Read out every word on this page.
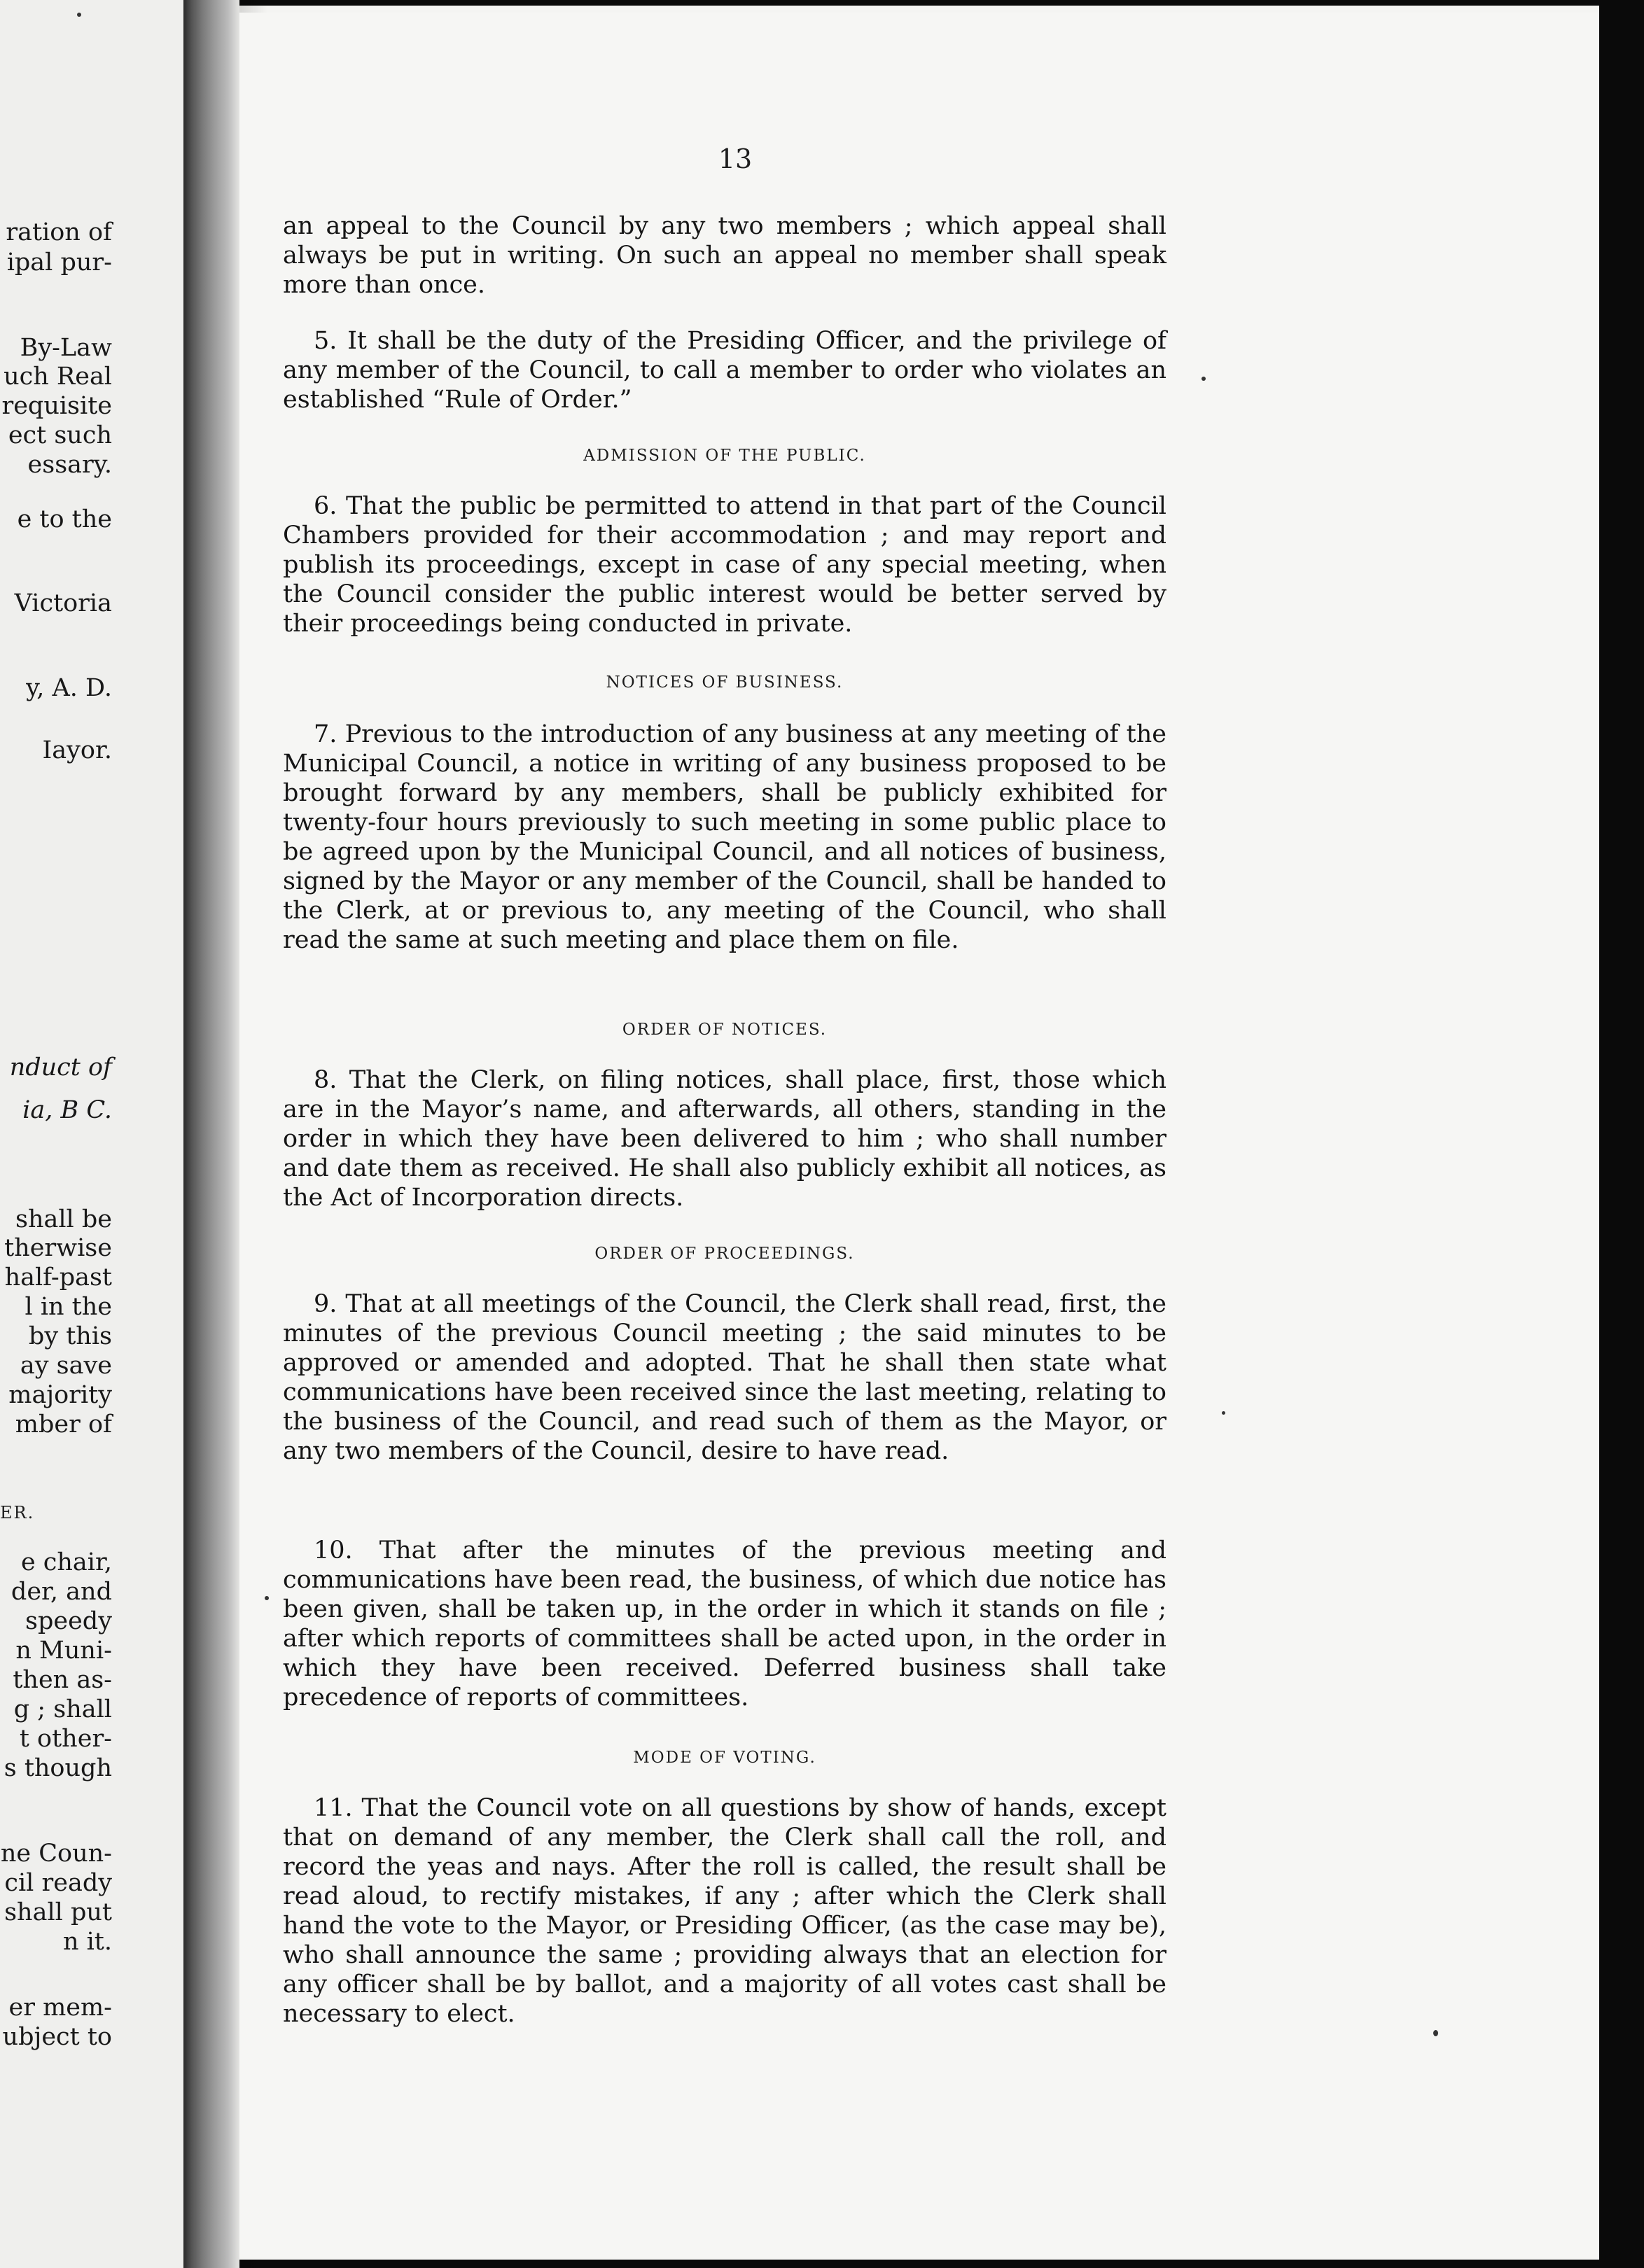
ration of
ipal pur-
By-Law
uch Real
requisite
ect such
essary.
e to the
Victoria
y, A. D.
Iayor.
nduct of
ia, B C.
shall be
therwise
half-past
l in the
by this
ay save
majority
mber of
ER.
e chair,
der, and
speedy
n Muni-
then as-
g ; shall
t other-
s though
ne Coun-
cil ready
shall put
n it.
er mem-
ubject to
13

an appeal to the Council by any two members ; which appeal shall always be put in writing. On such an appeal no member shall speak more than once.

5. It shall be the duty of the Presiding Officer, and the privilege of any member of the Council, to call a member to order who violates an established “Rule of Order.”

ADMISSION OF THE PUBLIC.

6. That the public be permitted to attend in that part of the Council Chambers provided for their accommodation ; and may report and publish its proceedings, except in case of any special meeting, when the Council consider the public interest would be better served by their proceedings being conducted in private.

NOTICES OF BUSINESS.

7. Previous to the introduction of any business at any meeting of the Municipal Council, a notice in writing of any business proposed to be brought forward by any members, shall be publicly exhibited for twenty-four hours previously to such meeting in some public place to be agreed upon by the Municipal Council, and all notices of business, signed by the Mayor or any member of the Council, shall be handed to the Clerk, at or previous to, any meeting of the Council, who shall read the same at such meeting and place them on file.

ORDER OF NOTICES.

8. That the Clerk, on filing notices, shall place, first, those which are in the Mayor’s name, and afterwards, all others, standing in the order in which they have been delivered to him ; who shall number and date them as received. He shall also publicly exhibit all notices, as the Act of Incorporation directs.

ORDER OF PROCEEDINGS.

9. That at all meetings of the Council, the Clerk shall read, first, the minutes of the previous Council meeting ; the said minutes to be approved or amended and adopted. That he shall then state what communications have been received since the last meeting, relating to the business of the Council, and read such of them as the Mayor, or any two members of the Council, desire to have read.

10. That after the minutes of the previous meeting and communications have been read, the business, of which due notice has been given, shall be taken up, in the order in which it stands on file ; after which reports of committees shall be acted upon, in the order in which they have been received. Deferred business shall take precedence of reports of committees.

MODE OF VOTING.

11. That the Council vote on all questions by show of hands, except that on demand of any member, the Clerk shall call the roll, and record the yeas and nays. After the roll is called, the result shall be read aloud, to rectify mistakes, if any ; after which the Clerk shall hand the vote to the Mayor, or Presiding Officer, (as the case may be), who shall announce the same ; providing always that an election for any officer shall be by ballot, and a majority of all votes cast shall be necessary to elect.
